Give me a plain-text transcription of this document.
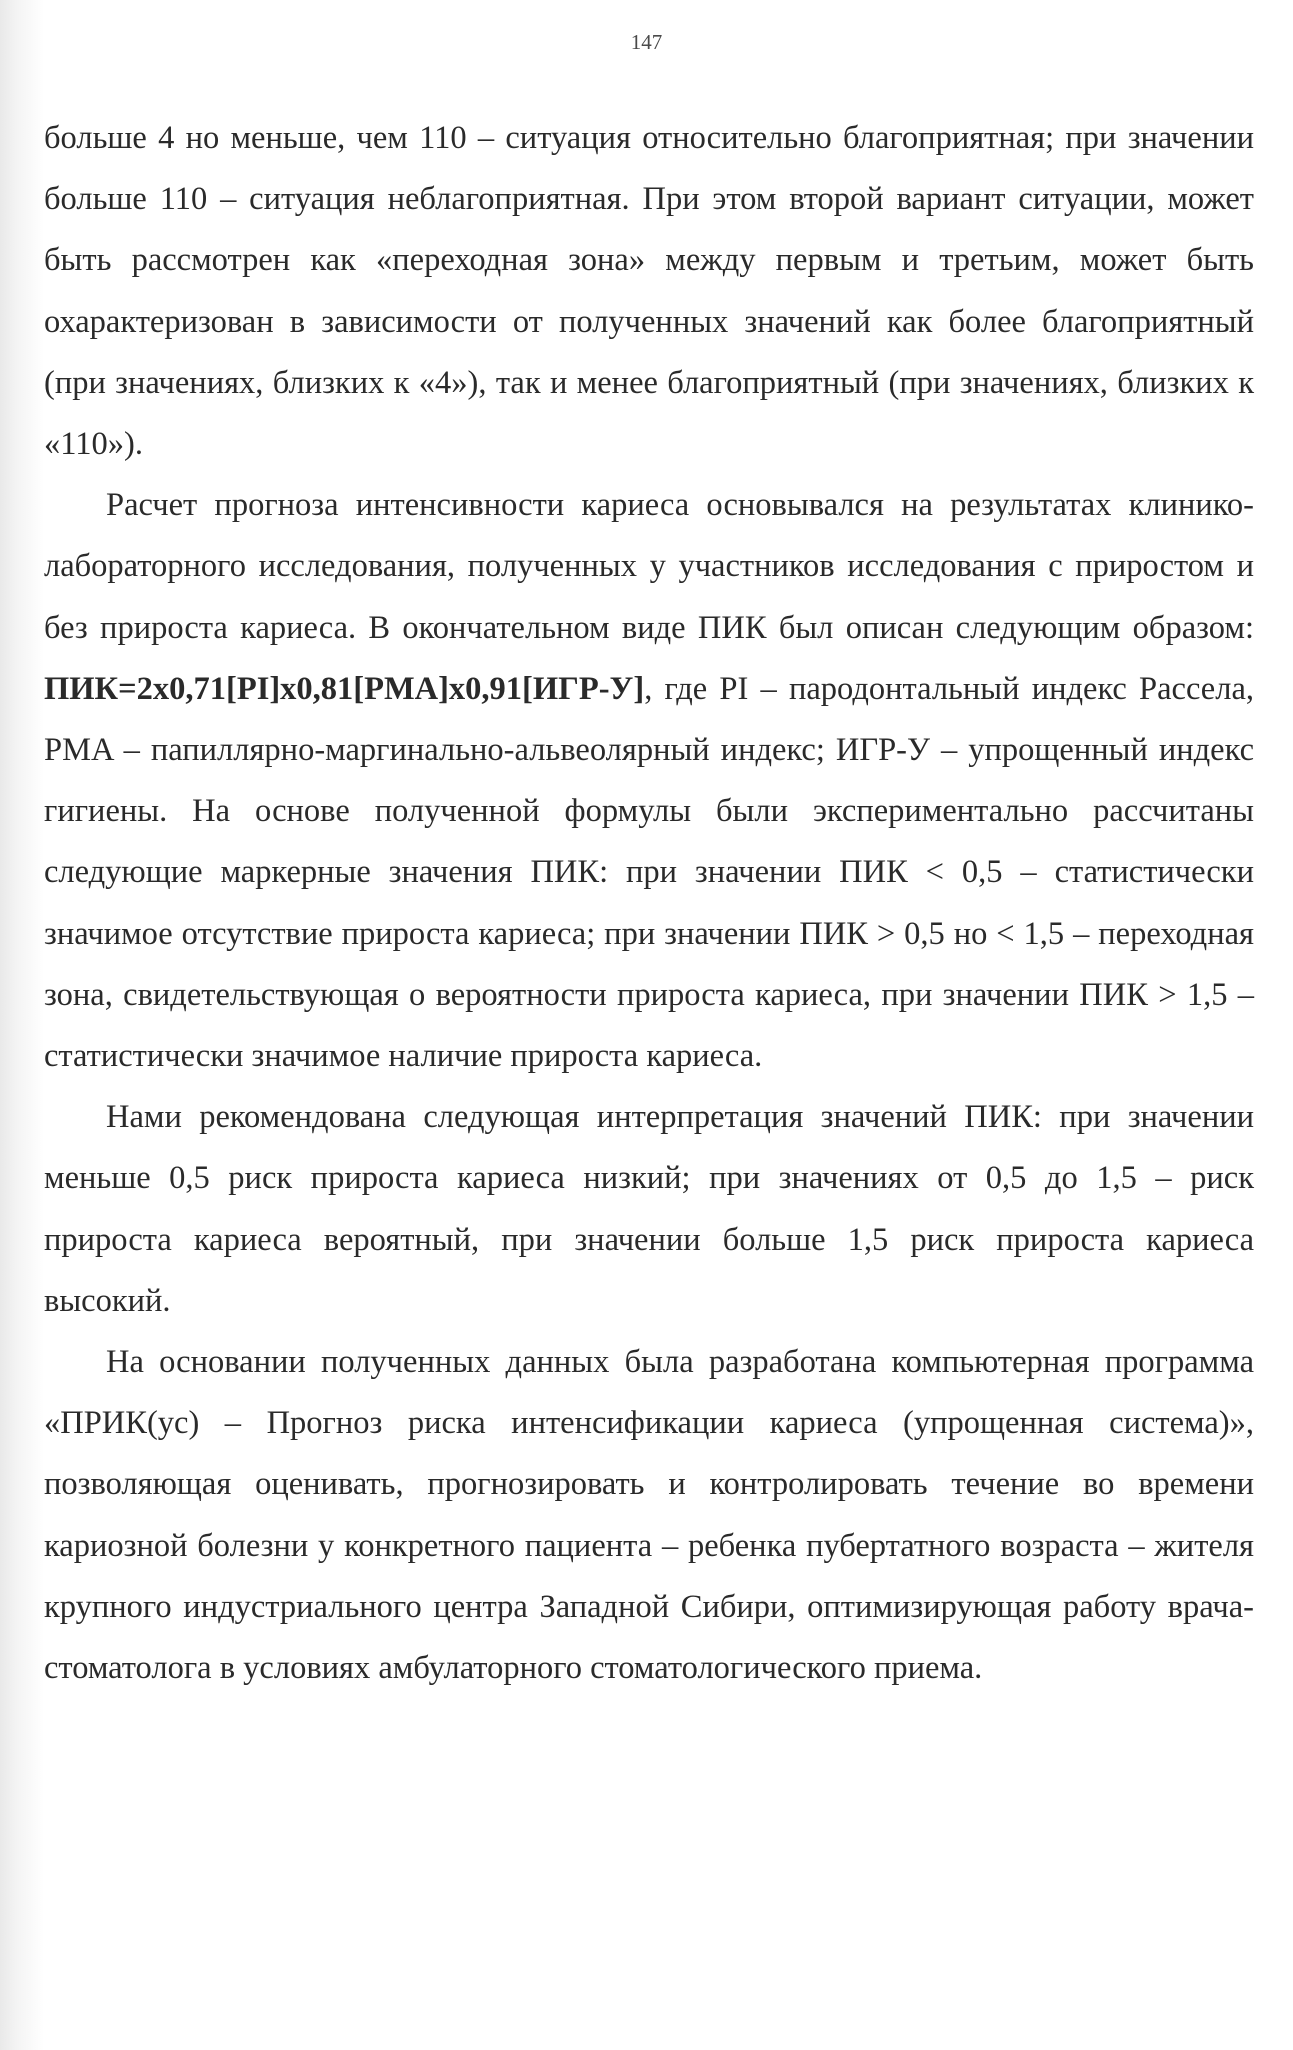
147

больше 4 но меньше, чем 110 – ситуация относительно благоприятная; при значении больше 110 – ситуация неблагоприятная. При этом второй вариант ситуации, может быть рассмотрен как «переходная зона» между первым и третьим, может быть охарактеризован в зависимости от полученных значений как более благоприятный (при значениях, близких к «4»), так и менее благоприятный (при значениях, близких к «110»).

Расчет прогноза интенсивности кариеса основывался на результатах клинико-лабораторного исследования, полученных у участников исследования с приростом и без прироста кариеса. В окончательном виде ПИК был описан следующим образом: ПИК=2х0,71[PI]х0,81[PMA]х0,91[ИГР-У], где PI – пародонтальный индекс Рассела, PMA – папиллярно-маргинально-альвеолярный индекс; ИГР-У – упрощенный индекс гигиены. На основе полученной формулы были экспериментально рассчитаны следующие маркерные значения ПИК: при значении ПИК < 0,5 – статистически значимое отсутствие прироста кариеса; при значении ПИК > 0,5 но < 1,5 – переходная зона, свидетельствующая о вероятности прироста кариеса, при значении ПИК > 1,5 – статистически значимое наличие прироста кариеса.

Нами рекомендована следующая интерпретация значений ПИК: при значении меньше 0,5 риск прироста кариеса низкий; при значениях от 0,5 до 1,5 – риск прироста кариеса вероятный, при значении больше 1,5 риск прироста кариеса высокий.

На основании полученных данных была разработана компьютерная программа «ПРИК(ус) – Прогноз риска интенсификации кариеса (упрощенная система)», позволяющая оценивать, прогнозировать и контролировать течение во времени кариозной болезни у конкретного пациента – ребенка пубертатного возраста – жителя крупного индустриального центра Западной Сибири, оптимизирующая работу врача-стоматолога в условиях амбулаторного стоматологического приема.
